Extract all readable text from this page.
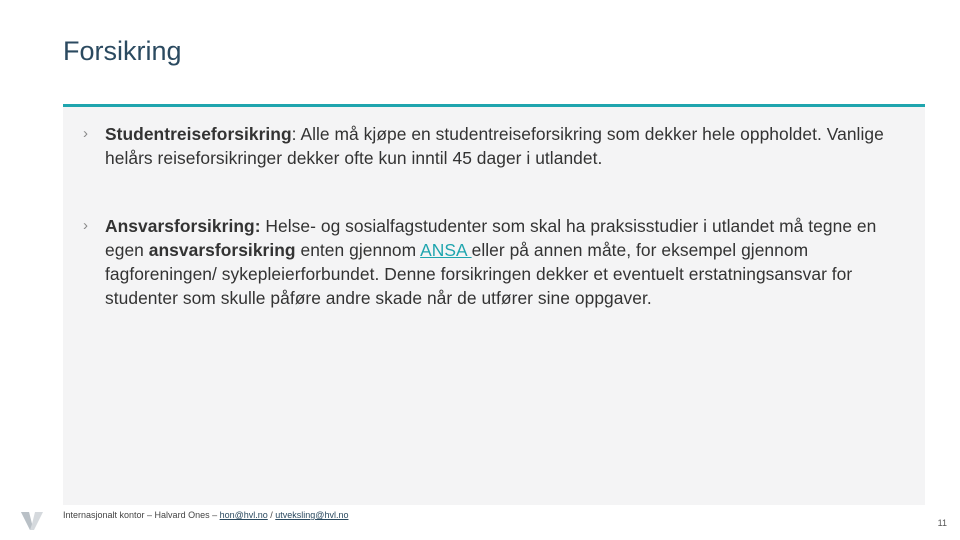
Forsikring
› Studentreiseforsikring: Alle må kjøpe en studentreiseforsikring som dekker hele oppholdet. Vanlige helårs reiseforsikringer dekker ofte kun inntil 45 dager i utlandet.
› Ansvarsforsikring: Helse- og sosialfagstudenter som skal ha praksisstudier i utlandet må tegne en egen ansvarsforsikring enten gjennom ANSA eller på annen måte, for eksempel gjennom fagforeningen/ sykepleierforbundet. Denne forsikringen dekker et eventuelt erstatningsansvar for studenter som skulle påføre andre skade når de utfører sine oppgaver.
Internasjonalt kontor – Halvard Ones – hon@hvl.no / utveksling@hvl.no
11
